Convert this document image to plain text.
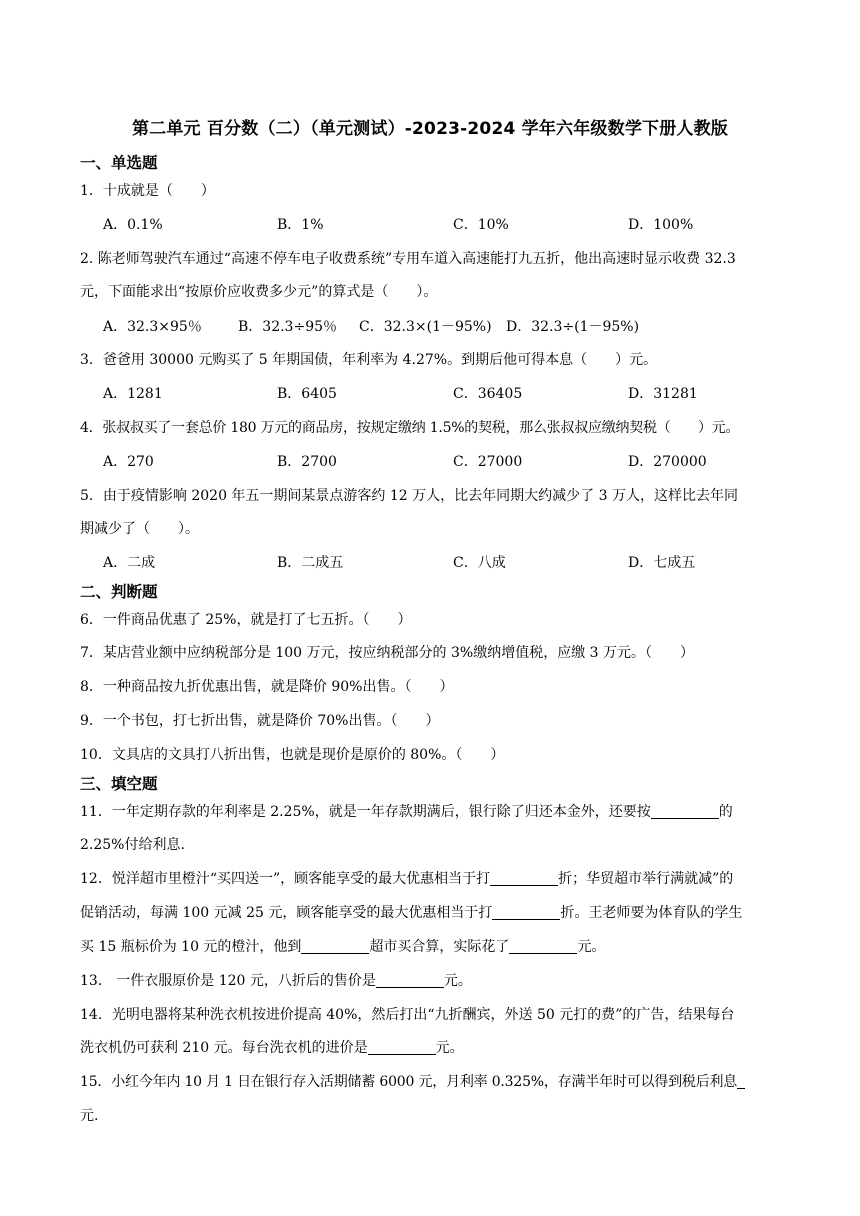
第二单元 百分数（二）（单元测试）-2023-2024 学年六年级数学下册人教版
一、单选题
1．十成就是（　　）
A．0.1%	B．1%	C．10%	D．100%
2. 陈老师驾驶汽车通过“高速不停车电子收费系统”专用车道入高速能打九五折，他出高速时显示收费 32.3
元，下面能求出“按原价应收费多少元”的算式是（　　）。
A．32.3×95％	B．32.3÷95％ C．32.3×(1－95%) D．32.3÷(1－95%)
3．爸爸用 30000 元购买了 5 年期国债，年利率为 4.27%。到期后他可得本息（　　）元。
A．1281	B．6405	C．36405	D．31281
4．张叔叔买了一套总价 180 万元的商品房，按规定缴纳 1.5%的契税，那么张叔叔应缴纳契税（　　）元。
A．270	B．2700	C．27000	D．270000
5．由于疫情影响 2020 年五一期间某景点游客约 12 万人，比去年同期大约减少了 3 万人，这样比去年同
期减少了（　　）。
A．二成	B．二成五	C．八成	D．七成五
二、判断题
6．一件商品优惠了 25%，就是打了七五折。（　　）
7．某店营业额中应纳税部分是 100 万元，按应纳税部分的 3%缴纳增值税，应缴 3 万元。（　　）
8．一种商品按九折优惠出售，就是降价 90%出售。（　　）
9．一个书包，打七折出售，就是降价 70%出售。（　　）
10．文具店的文具打八折出售，也就是现价是原价的 80%。（　　）
三、填空题
11．一年定期存款的年利率是 2.25%，就是一年存款期满后，银行除了归还本金外，还要按	的
2.25%付给利息.
12．悦洋超市里橙汁“买四送一”，顾客能享受的最大优惠相当于打	折；华贸超市举行满就减”的
促销活动，每满 100 元减 25 元，顾客能享受的最大优惠相当于打	折。王老师要为体育队的学生
买 15 瓶标价为 10 元的橙汁，他到	超市买合算，实际花了	元。
13． 一件衣服原价是 120 元，八折后的售价是	元。
14．光明电器将某种洗衣机按进价提高 40%，然后打出“九折酬宾，外送 50 元打的费”的广告，结果每台
洗衣机仍可获利 210 元。每台洗衣机的进价是	元。
15．小红今年内 10 月 1 日在银行存入活期储蓄 6000 元，月利率 0.325%，存满半年时可以得到税后利息
元.
